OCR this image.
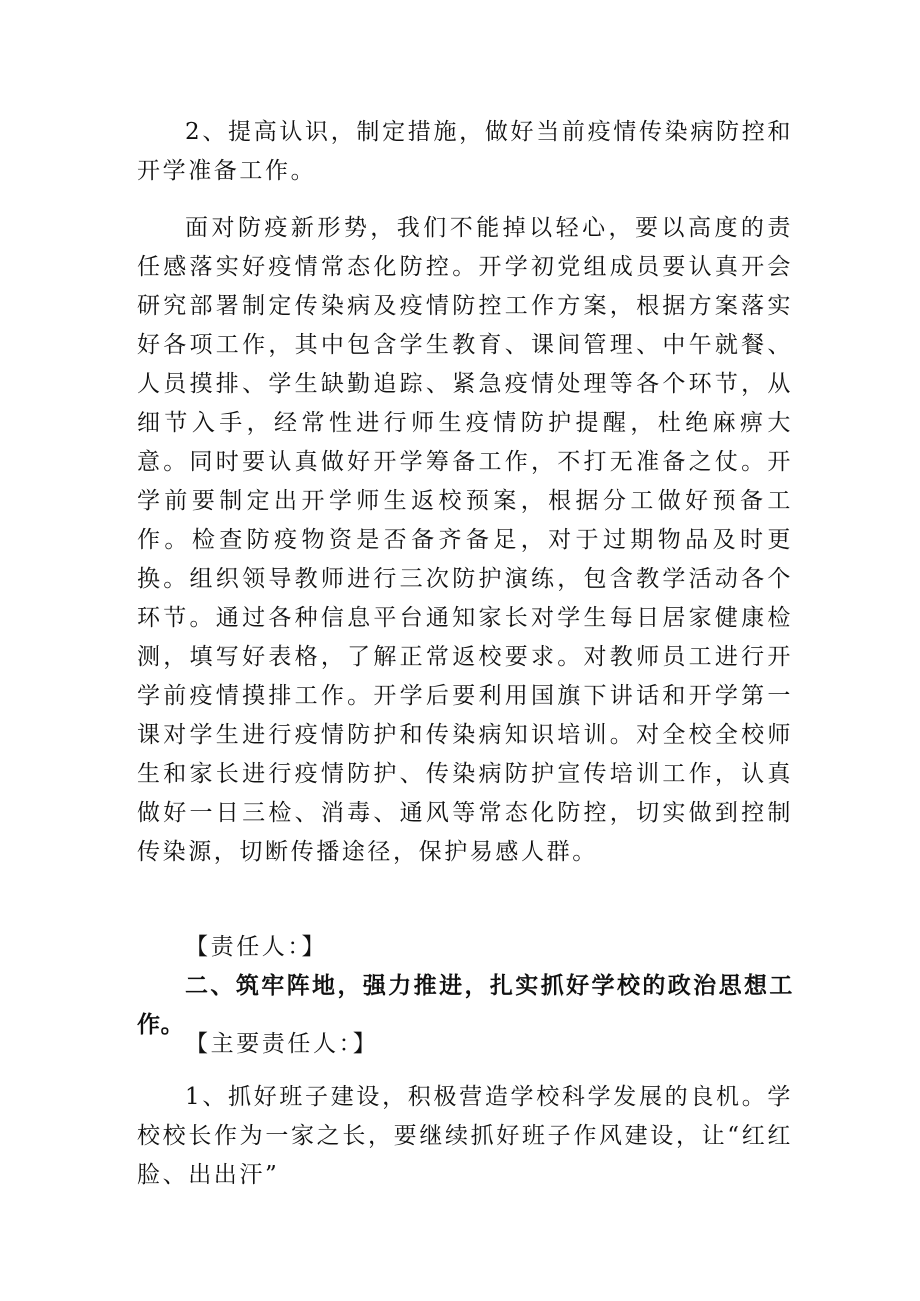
2、提高认识，制定措施，做好当前疫情传染病防控和开学准备工作。

面对防疫新形势，我们不能掉以轻心，要以高度的责任感落实好疫情常态化防控。开学初党组成员要认真开会研究部署制定传染病及疫情防控工作方案，根据方案落实好各项工作，其中包含学生教育、课间管理、中午就餐、人员摸排、学生缺勤追踪、紧急疫情处理等各个环节，从细节入手，经常性进行师生疫情防护提醒，杜绝麻痹大意。同时要认真做好开学筹备工作，不打无准备之仗。开学前要制定出开学师生返校预案，根据分工做好预备工作。检查防疫物资是否备齐备足，对于过期物品及时更换。组织领导教师进行三次防护演练，包含教学活动各个环节。通过各种信息平台通知家长对学生每日居家健康检测，填写好表格，了解正常返校要求。对教师员工进行开学前疫情摸排工作。开学后要利用国旗下讲话和开学第一课对学生进行疫情防护和传染病知识培训。对全校全校师生和家长进行疫情防护、传染病防护宣传培训工作，认真做好一日三检、消毒、通风等常态化防控，切实做到控制传染源，切断传播途径，保护易感人群。

【责任人：】

二、筑牢阵地，强力推进，扎实抓好学校的政治思想工作。

【主要责任人：】

1、抓好班子建设，积极营造学校科学发展的良机。学校校长作为一家之长，要继续抓好班子作风建设，让“红红脸、出出汗”
